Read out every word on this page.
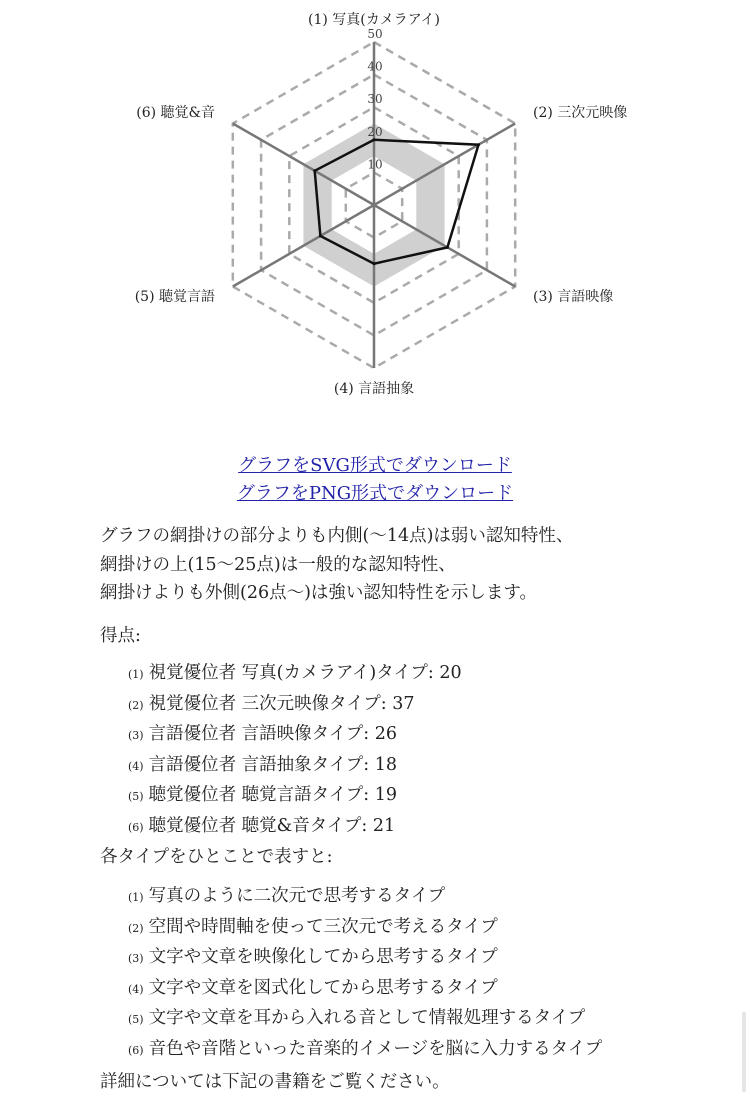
10
20
30
40
50
(1) 写真(カメラアイ)
(2) 三次元映像
(3) 言語映像
(4) 言語抽象
(5) 聴覚言語
(6) 聴覚&音
グラフをSVG形式でダウンロード
グラフをPNG形式でダウンロード
グラフの網掛けの部分よりも内側(〜14点)は弱い認知特性、
網掛けの上(15〜25点)は一般的な認知特性、
網掛けよりも外側(26点〜)は強い認知特性を示します。
得点:
(1) 視覚優位者 写真(カメラアイ)タイプ: 20
(2) 視覚優位者 三次元映像タイプ: 37
(3) 言語優位者 言語映像タイプ: 26
(4) 言語優位者 言語抽象タイプ: 18
(5) 聴覚優位者 聴覚言語タイプ: 19
(6) 聴覚優位者 聴覚&音タイプ: 21
各タイプをひとことで表すと:
(1) 写真のように二次元で思考するタイプ
(2) 空間や時間軸を使って三次元で考えるタイプ
(3) 文字や文章を映像化してから思考するタイプ
(4) 文字や文章を図式化してから思考するタイプ
(5) 文字や文章を耳から入れる音として情報処理するタイプ
(6) 音色や音階といった音楽的イメージを脳に入力するタイプ
詳細については下記の書籍をご覧ください。
